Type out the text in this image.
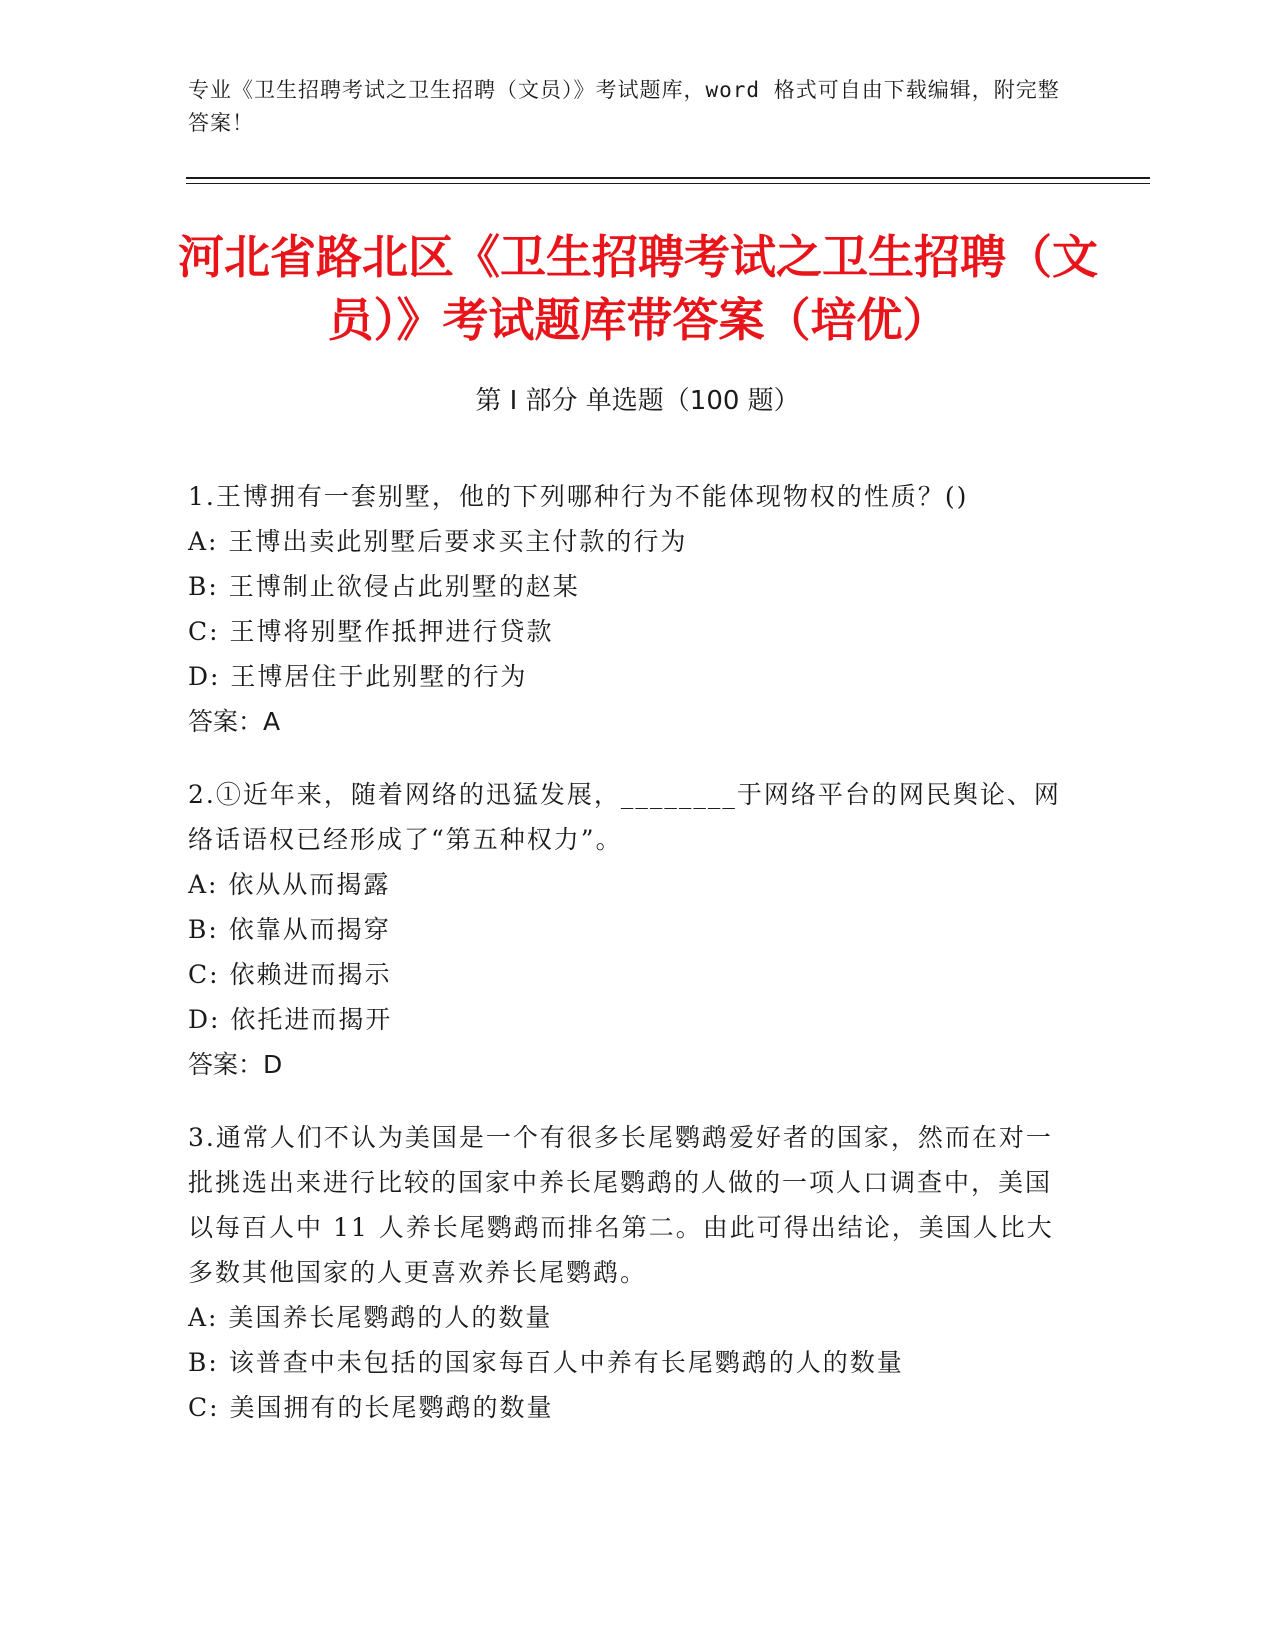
专业《卫生招聘考试之卫生招聘（文员）》考试题库，word 格式可自由下载编辑，附完整答案！
河北省路北区《卫生招聘考试之卫生招聘（文员）》考试题库带答案（培优）
第 I 部分 单选题（100 题）
1.王博拥有一套别墅，他的下列哪种行为不能体现物权的性质？()
A: 王博出卖此别墅后要求买主付款的行为
B: 王博制止欲侵占此别墅的赵某
C: 王博将别墅作抵押进行贷款
D: 王博居住于此别墅的行为
答案：A
2.①近年来，随着网络的迅猛发展，________于网络平台的网民舆论、网络话语权已经形成了“第五种权力”。
A: 依从从而揭露
B: 依靠从而揭穿
C: 依赖进而揭示
D: 依托进而揭开
答案：D
3.通常人们不认为美国是一个有很多长尾鹦鹉爱好者的国家，然而在对一批挑选出来进行比较的国家中养长尾鹦鹉的人做的一项人口调查中，美国以每百人中 11 人养长尾鹦鹉而排名第二。由此可得出结论，美国人比大多数其他国家的人更喜欢养长尾鹦鹉。
A: 美国养长尾鹦鹉的人的数量
B: 该普查中未包括的国家每百人中养有长尾鹦鹉的人的数量
C: 美国拥有的长尾鹦鹉的数量
